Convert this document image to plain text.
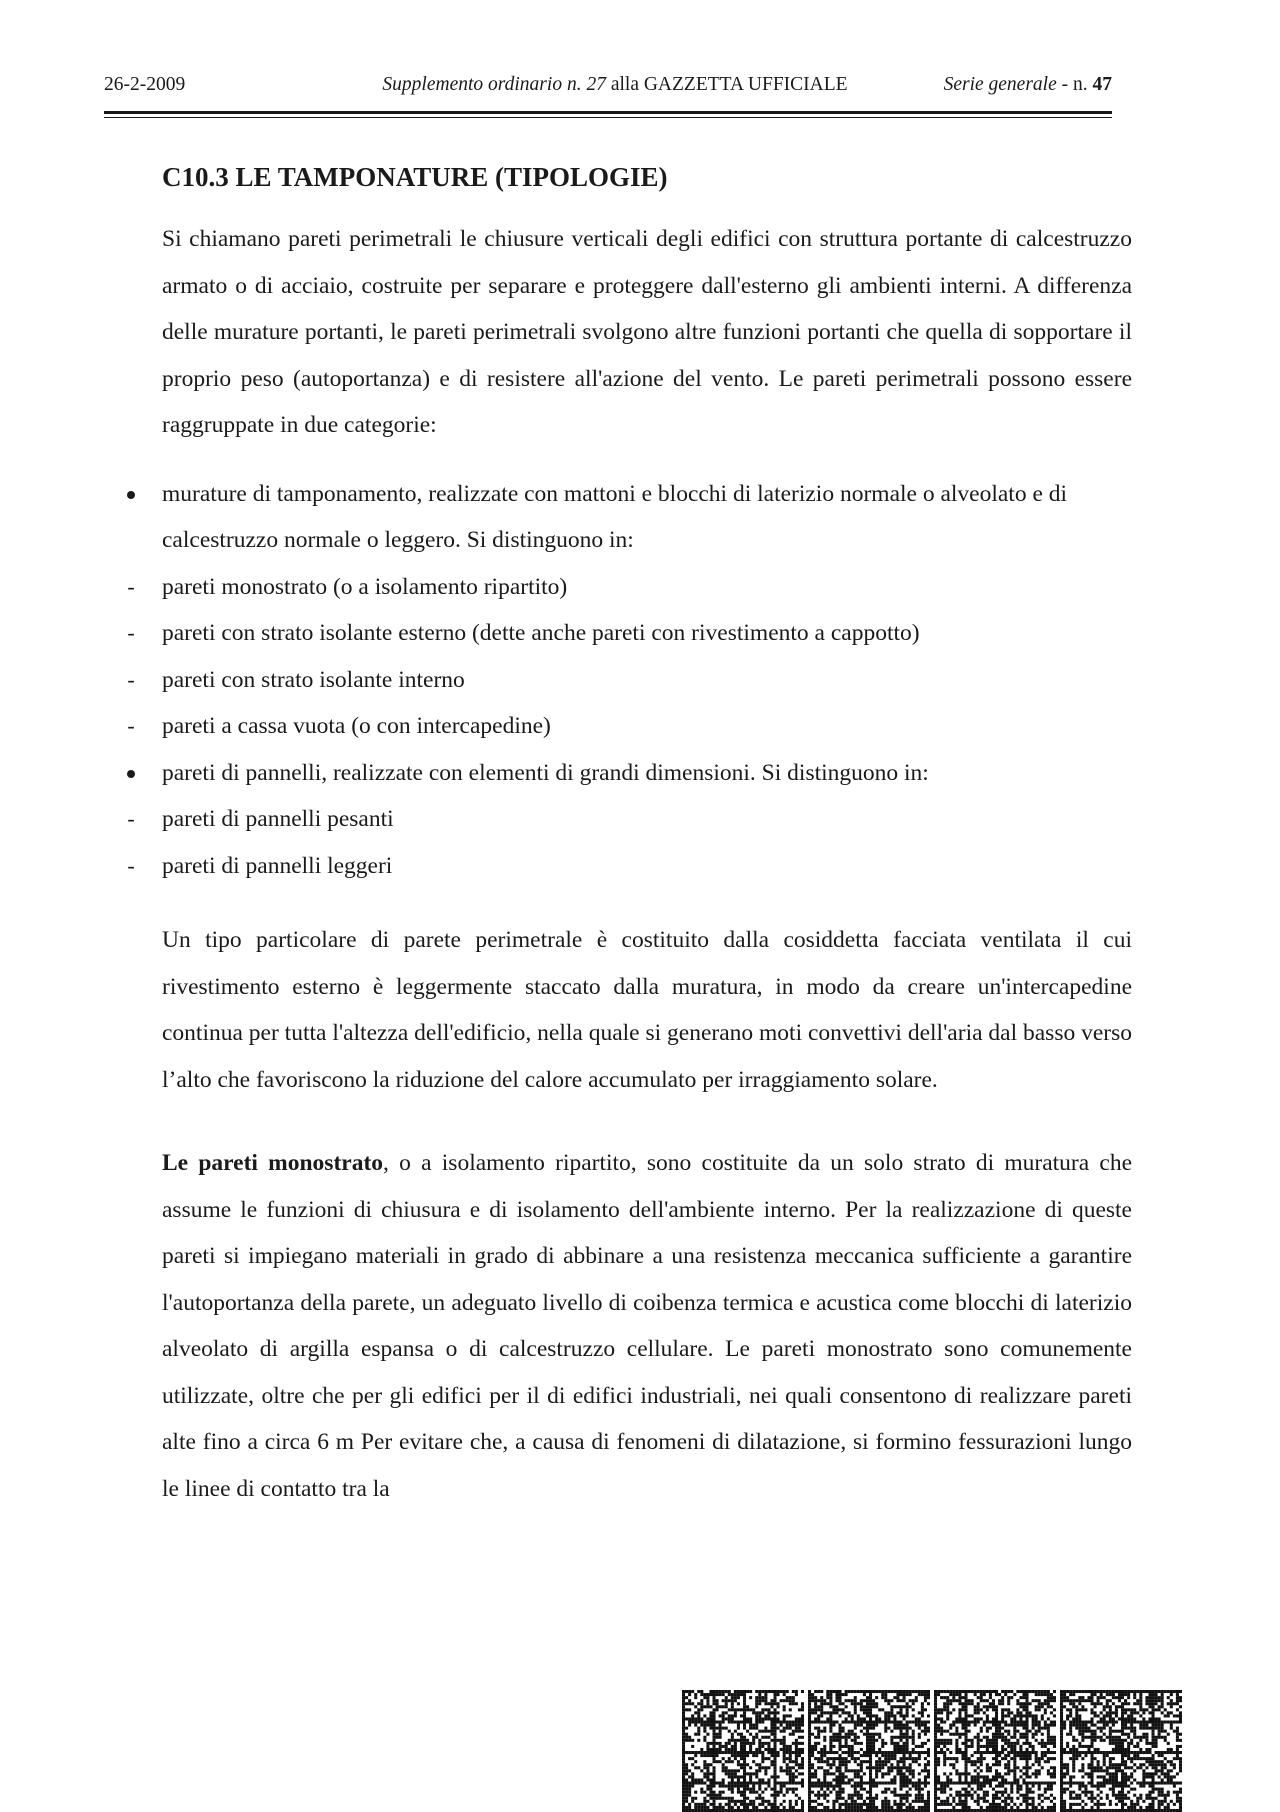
26-2-2009	Supplemento ordinario n. 27 alla GAZZETTA UFFICIALE	Serie generale - n. 47
C10.3 LE TAMPONATURE (TIPOLOGIE)

Si chiamano pareti perimetrali le chiusure verticali degli edifici con struttura portante di calcestruzzo armato o di acciaio, costruite per separare e proteggere dall'esterno gli ambienti interni. A differenza delle murature portanti, le pareti perimetrali svolgono altre funzioni portanti che quella di sopportare il proprio peso (autoportanza) e di resistere all'azione del vento. Le pareti perimetrali possono essere raggruppate in due categorie:

murature di tamponamento, realizzate con mattoni e blocchi di laterizio normale o alveolato e di calcestruzzo normale o leggero. Si distinguono in:
- pareti monostrato (o a isolamento ripartito)
- pareti con strato isolante esterno (dette anche pareti con rivestimento a cappotto)
- pareti con strato isolante interno
- pareti a cassa vuota (o con intercapedine)
pareti di pannelli, realizzate con elementi di grandi dimensioni. Si distinguono in:
- pareti di pannelli pesanti
- pareti di pannelli leggeri

Un tipo particolare di parete perimetrale è costituito dalla cosiddetta facciata ventilata il cui rivestimento esterno è leggermente staccato dalla muratura, in modo da creare un'intercapedine continua per tutta l'altezza dell'edificio, nella quale si generano moti convettivi dell'aria dal basso verso l’alto che favoriscono la riduzione del calore accumulato per irraggiamento solare.

Le pareti monostrato, o a isolamento ripartito, sono costituite da un solo strato di muratura che assume le funzioni di chiusura e di isolamento dell'ambiente interno. Per la realizzazione di queste pareti si impiegano materiali in grado di abbinare a una resistenza meccanica sufficiente a garantire l'autoportanza della parete, un adeguato livello di coibenza termica e acustica come blocchi di laterizio alveolato di argilla espansa o di calcestruzzo cellulare. Le pareti monostrato sono comunemente utilizzate, oltre che per gli edifici per il di edifici industriali, nei quali consentono di realizzare pareti alte fino a circa 6 m Per evitare che, a causa di fenomeni di dilatazione, si formino fessurazioni lungo le linee di contatto tra la
